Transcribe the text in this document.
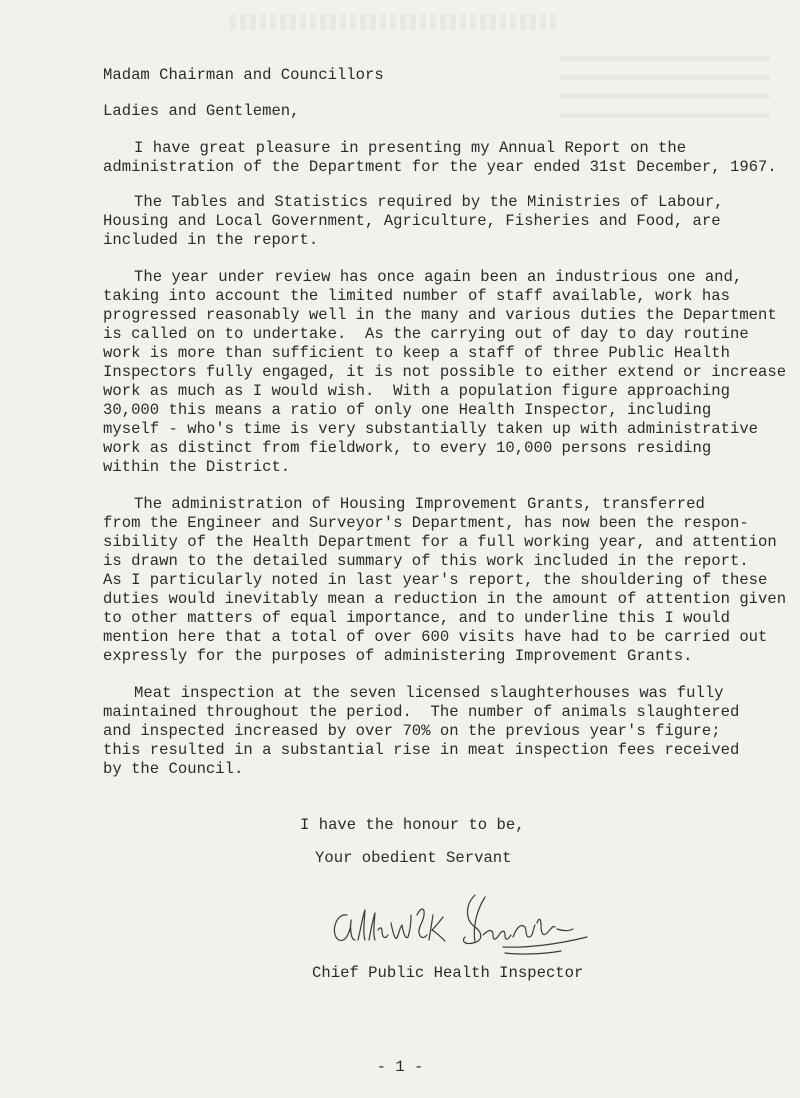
Madam Chairman and Councillors
Ladies and Gentlemen,
I have great pleasure in presenting my Annual Report on the
administration of the Department for the year ended 31st December, 1967.
The Tables and Statistics required by the Ministries of Labour,
Housing and Local Government, Agriculture, Fisheries and Food, are
included in the report.
The year under review has once again been an industrious one and,
taking into account the limited number of staff available, work has
progressed reasonably well in the many and various duties the Department
is called on to undertake.  As the carrying out of day to day routine
work is more than sufficient to keep a staff of three Public Health
Inspectors fully engaged, it is not possible to either extend or increase
work as much as I would wish.  With a population figure approaching
30,000 this means a ratio of only one Health Inspector, including
myself - who's time is very substantially taken up with administrative
work as distinct from fieldwork, to every 10,000 persons residing
within the District.
The administration of Housing Improvement Grants, transferred
from the Engineer and Surveyor's Department, has now been the respon-
sibility of the Health Department for a full working year, and attention
is drawn to the detailed summary of this work included in the report.
As I particularly noted in last year's report, the shouldering of these
duties would inevitably mean a reduction in the amount of attention given
to other matters of equal importance, and to underline this I would
mention here that a total of over 600 visits have had to be carried out
expressly for the purposes of administering Improvement Grants.
Meat inspection at the seven licensed slaughterhouses was fully
maintained throughout the period.  The number of animals slaughtered
and inspected increased by over 70% on the previous year's figure;
this resulted in a substantial rise in meat inspection fees received
by the Council.
I have the honour to be,
Your obedient Servant
Chief Public Health Inspector
- 1 -
